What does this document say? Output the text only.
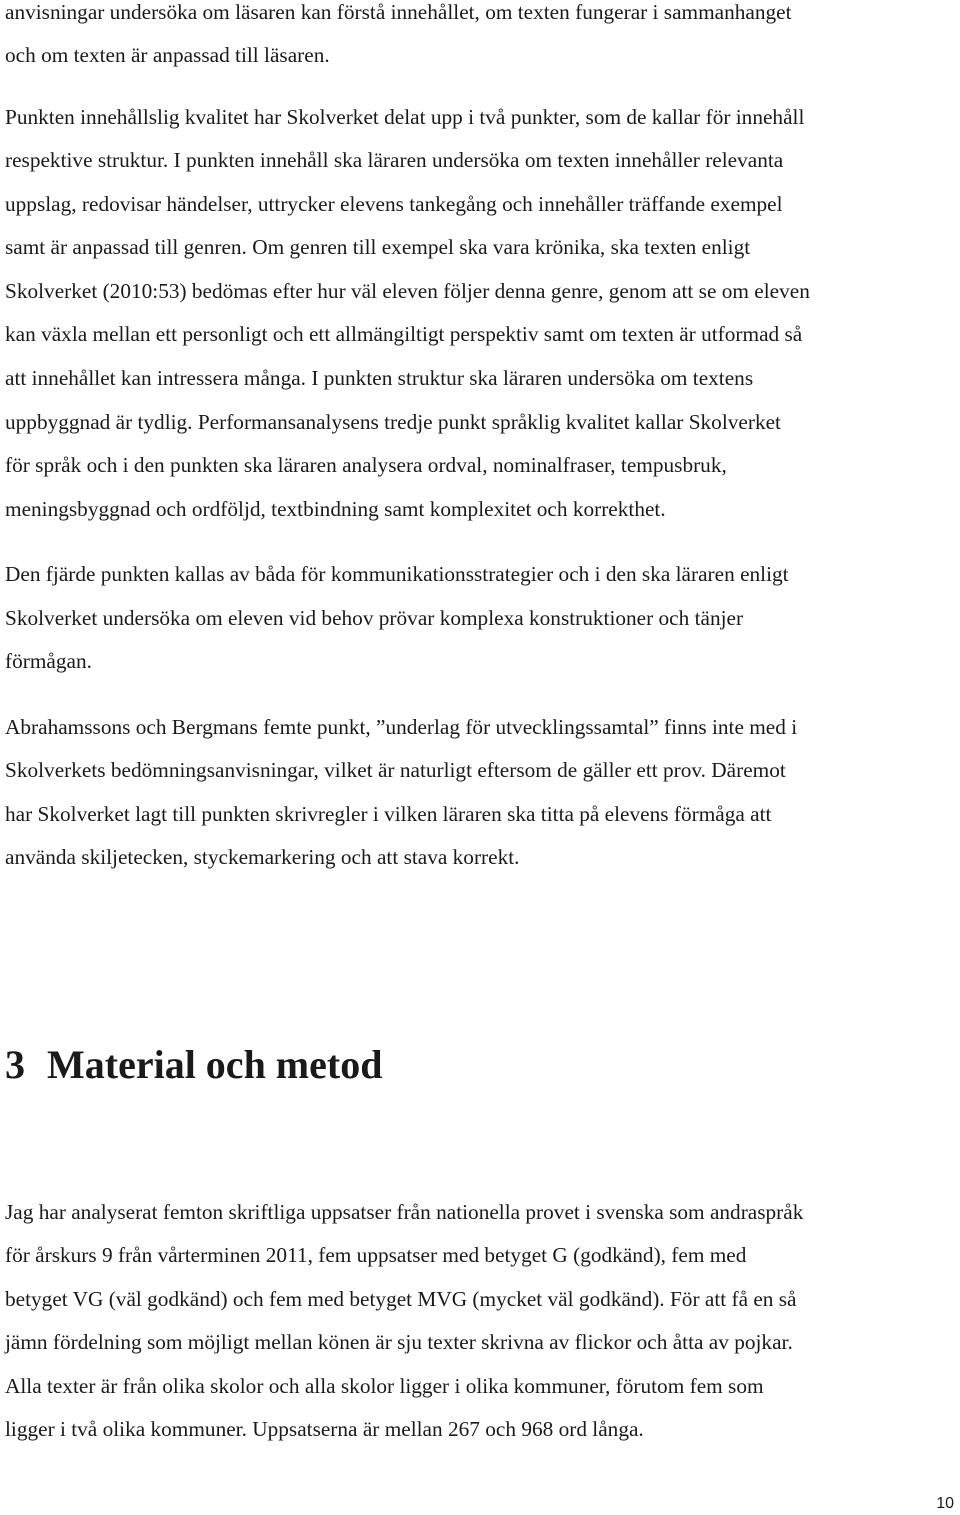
anvisningar undersöka om läsaren kan förstå innehållet, om texten fungerar i sammanhanget
och om texten är anpassad till läsaren.
Punkten innehållslig kvalitet har Skolverket delat upp i två punkter, som de kallar för innehåll
respektive struktur. I punkten innehåll ska läraren undersöka om texten innehåller relevanta
uppslag, redovisar händelser, uttrycker elevens tankegång och innehåller träffande exempel
samt är anpassad till genren. Om genren till exempel ska vara krönika, ska texten enligt
Skolverket (2010:53) bedömas efter hur väl eleven följer denna genre, genom att se om eleven
kan växla mellan ett personligt och ett allmängiltigt perspektiv samt om texten är utformad så
att innehållet kan intressera många. I punkten struktur ska läraren undersöka om textens
uppbyggnad är tydlig. Performansanalysens tredje punkt språklig kvalitet kallar Skolverket
för språk och i den punkten ska läraren analysera ordval, nominalfraser, tempusbruk,
meningsbyggnad och ordföljd, textbindning samt komplexitet och korrekthet.
Den fjärde punkten kallas av båda för kommunikationsstrategier och i den ska läraren enligt
Skolverket undersöka om eleven vid behov prövar komplexa konstruktioner och tänjer
förmågan.
Abrahamssons och Bergmans femte punkt, ”underlag för utvecklingssamtal” finns inte med i
Skolverkets bedömningsanvisningar, vilket är naturligt eftersom de gäller ett prov. Däremot
har Skolverket lagt till punkten skrivregler i vilken läraren ska titta på elevens förmåga att
använda skiljetecken, styckemarkering och att stava korrekt.
3 Material och metod
Jag har analyserat femton skriftliga uppsatser från nationella provet i svenska som andraspråk
för årskurs 9 från vårterminen 2011, fem uppsatser med betyget G (godkänd), fem med
betyget VG (väl godkänd) och fem med betyget MVG (mycket väl godkänd). För att få en så
jämn fördelning som möjligt mellan könen är sju texter skrivna av flickor och åtta av pojkar.
Alla texter är från olika skolor och alla skolor ligger i olika kommuner, förutom fem som
ligger i två olika kommuner. Uppsatserna är mellan 267 och 968 ord långa.
10
